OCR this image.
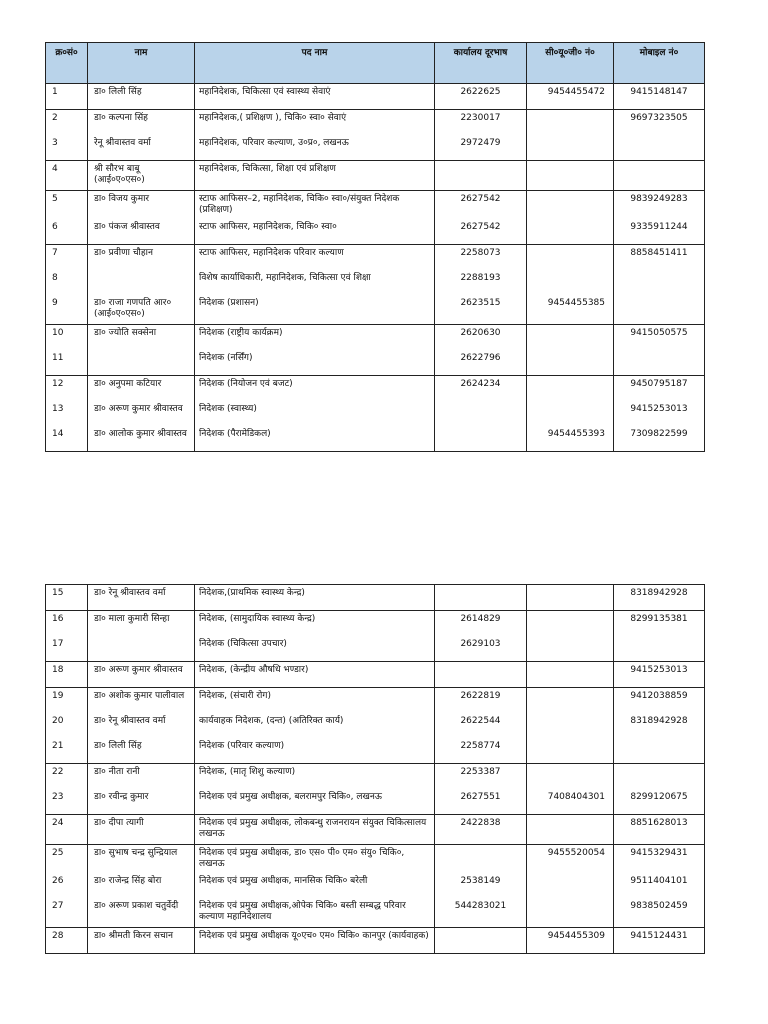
क्र०सं०	नाम	पद नाम	कार्यालय दूरभाष	सी०यू०जी० नं०	मोबाइल नं०
1	डा० लिली सिंह	महानिदेशक, चिकित्सा एवं स्वास्थ्य सेवाएं	2622625	9454455472	9415148147
2	डा० कल्पना सिंह	महानिदेशक,( प्रशिक्षण ), चिकि० स्वा० सेवाएं	2230017		9697323505
3	रेनू श्रीवास्तव वर्मा	महानिदेशक, परिवार कल्याण, उ०प्र०, लखनऊ	2972479		
4	श्री सौरभ बाबू (आई०ए०एस०)	महानिदेशक, चिकित्सा, शिक्षा एवं प्रशिक्षण			
5	डा० विजय कुमार	स्टाफ आफिसर–2, महानिदेशक, चिकि० स्वा०/संयुक्त निदेशक (प्रशिक्षण)	2627542		9839249283
6	डा० पंकज श्रीवास्तव	स्टाफ आफिसर, महानिदेशक, चिकि० स्वा०	2627542		9335911244
7	डा० प्रवीणा चौहान	स्टाफ आफिसर, महानिदेशक परिवार कल्याण	2258073		8858451411
8		विशेष कार्याधिकारी, महानिदेशक, चिकित्सा एवं शिक्षा	2288193		
9	डा० राजा गणपति आर० (आई०ए०एस०)	निदेशक (प्रशासन)	2623515	9454455385	
10	डा० ज्योति सक्सेना	निदेशक (राष्ट्रीय कार्यक्रम)	2620630		9415050575
11		निदेशक (नर्सिंग)	2622796		
12	डा० अनुपमा कटियार	निदेशक (नियोजन एवं बजट)	2624234		9450795187
13	डा० अरूण कुमार श्रीवास्तव	निदेशक (स्वास्थ्य)			9415253013
14	डा० आलोक कुमार श्रीवास्तव	निदेशक (पैरामेडिकल)		9454455393	7309822599
15	डा० रेनू श्रीवास्तव वर्मा	निदेशक,(प्राथमिक स्वास्थ्य केन्द्र)			8318942928
16	डा० माला कुमारी सिन्हा	निदेशक, (सामुदायिक स्वास्थ्य केन्द्र)	2614829		8299135381
17		निदेशक (चिकित्सा उपचार)	2629103		
18	डा० अरूण कुमार श्रीवास्तव	निदेशक, (केन्द्रीय औषधि भण्डार)			9415253013
19	डा० अशोक कुमार पालीवाल	निदेशक, (संचारी रोग)	2622819		9412038859
20	डा० रेनू श्रीवास्तव वर्मा	कार्यवाहक निदेशक, (दन्त) (अतिरिक्त कार्य)	2622544		8318942928
21	डा० लिली सिंह	निदेशक (परिवार कल्याण)	2258774		
22	डा० नीता रानी	निदेशक, (मातृ शिशु कल्याण)	2253387		
23	डा० रवीन्द्र कुमार	निदेशक एवं प्रमुख अधीक्षक, बलरामपुर चिकि०, लखनऊ	2627551	7408404301	8299120675
24	डा० दीपा त्यागी	निदेशक एवं प्रमुख अधीक्षक, लोकबन्धु राजनरायन संयुक्त चिकित्सालय लखनऊ	2422838		8851628013
25	डा० सुभाष चन्द्र सुन्द्रियाल	निदेशक एवं प्रमुख अधीक्षक, डा० एस० पी० एम० संयु० चिकि०, लखनऊ		9455520054	9415329431
26	डा० राजेन्द्र सिंह बोरा	निदेशक एवं प्रमुख अधीक्षक, मानसिक चिकि० बरेली	2538149		9511404101
27	डा० अरूण प्रकाश चतुर्वेदी	निदेशक एवं प्रमुख अधीक्षक,ओपेक चिकि० बस्ती सम्बद्ध परिवार कल्याण महानिदेशालय	544283021		9838502459
28	डा० श्रीमती किरन सचान	निदेशक एवं प्रमुख अधीक्षक यू०एच० एम० चिकि० कानपुर (कार्यवाहक)		9454455309	9415124431
